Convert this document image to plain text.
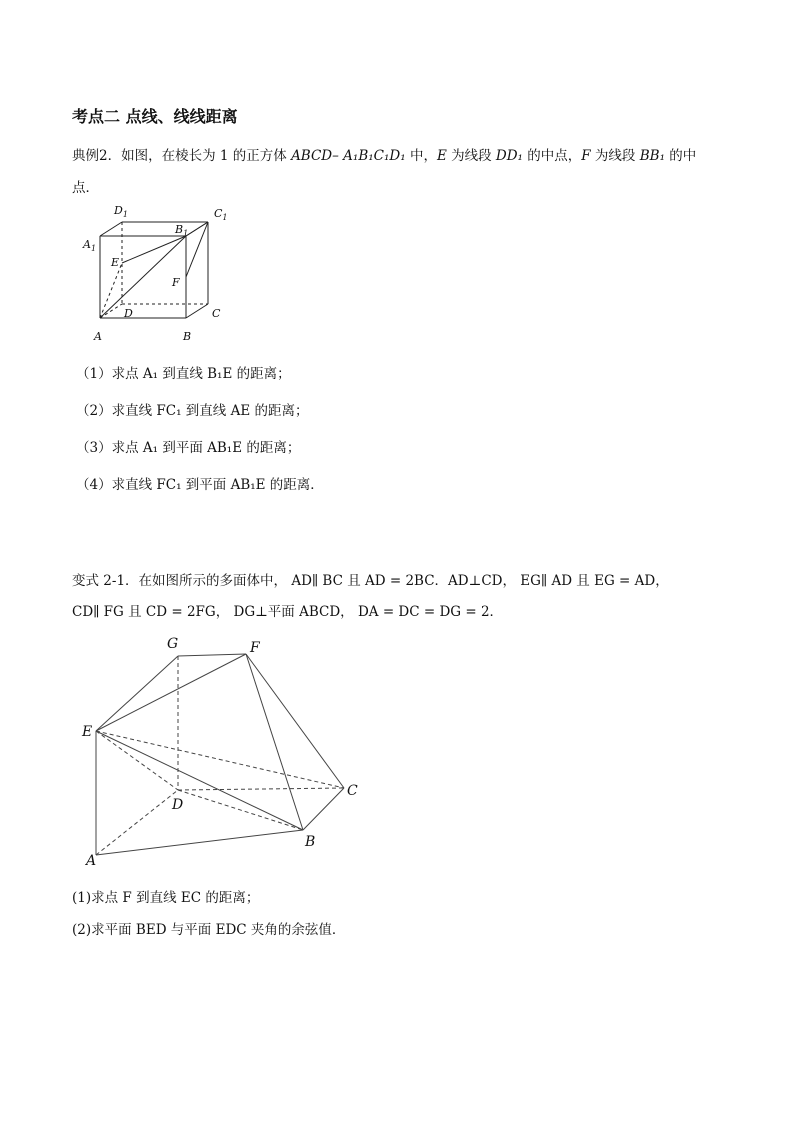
考点二 点线、线线距离
典例2．如图，在棱长为 1 的正方体 ABCD– A₁B₁C₁D₁ 中，E 为线段 DD₁ 的中点，F 为线段 BB₁ 的中
点．
$D_1$	$C_1$
$B_1$
$A_1$
E
F
D	C
A	B
（1）求点 A₁ 到直线 B₁E 的距离；
（2）求直线 FC₁ 到直线 AE 的距离；
（3）求点 A₁ 到平面 AB₁E 的距离；
（4）求直线 FC₁ 到平面 AB₁E 的距离．
变式 2-1．在如图所示的多面体中， AD∥ BC 且 AD = 2BC．AD⊥CD， EG∥ AD 且 EG = AD，
CD∥ FG 且 CD = 2FG， DG⊥平面 ABCD， DA = DC = DG = 2．
G	F
E
C
D
B
A
(1)求点 F 到直线 EC 的距离；
(2)求平面 BED 与平面 EDC 夹角的余弦值．
